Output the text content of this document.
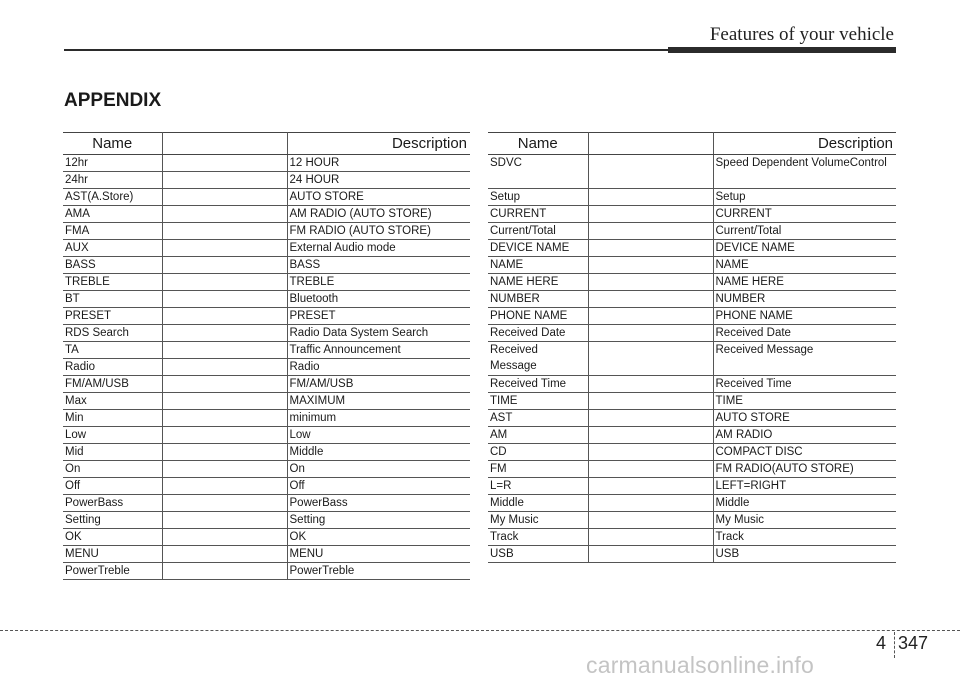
Features of your vehicle
APPENDIX
Name		Description
12hr		12 HOUR
24hr		24 HOUR
AST(A.Store)		AUTO STORE
AMA		AM RADIO (AUTO STORE)
FMA		FM RADIO (AUTO STORE)
AUX		External Audio mode
BASS		BASS
TREBLE		TREBLE
BT		Bluetooth
PRESET		PRESET
RDS Search		Radio Data System Search
TA		Traffic Announcement
Radio		Radio
FM/AM/USB		FM/AM/USB
Max		MAXIMUM
Min		minimum
Low		Low
Mid		Middle
On		On
Off		Off
PowerBass		PowerBass
Setting		Setting
OK		OK
MENU		MENU
PowerTreble		PowerTreble
Name		Description
SDVC		Speed Dependent VolumeControl
Setup		Setup
CURRENT		CURRENT
Current/Total		Current/Total
DEVICE NAME		DEVICE NAME
NAME		NAME
NAME HERE		NAME HERE
NUMBER		NUMBER
PHONE NAME		PHONE NAME
Received Date		Received Date
Received Message		Received Message
Received Time		Received Time
TIME		TIME
AST		AUTO STORE
AM		AM RADIO
CD		COMPACT DISC
FM		FM RADIO(AUTO STORE)
L=R		LEFT=RIGHT
Middle		Middle
My Music		My Music
Track		Track
USB		USB
4 347
carmanualsonline.info
